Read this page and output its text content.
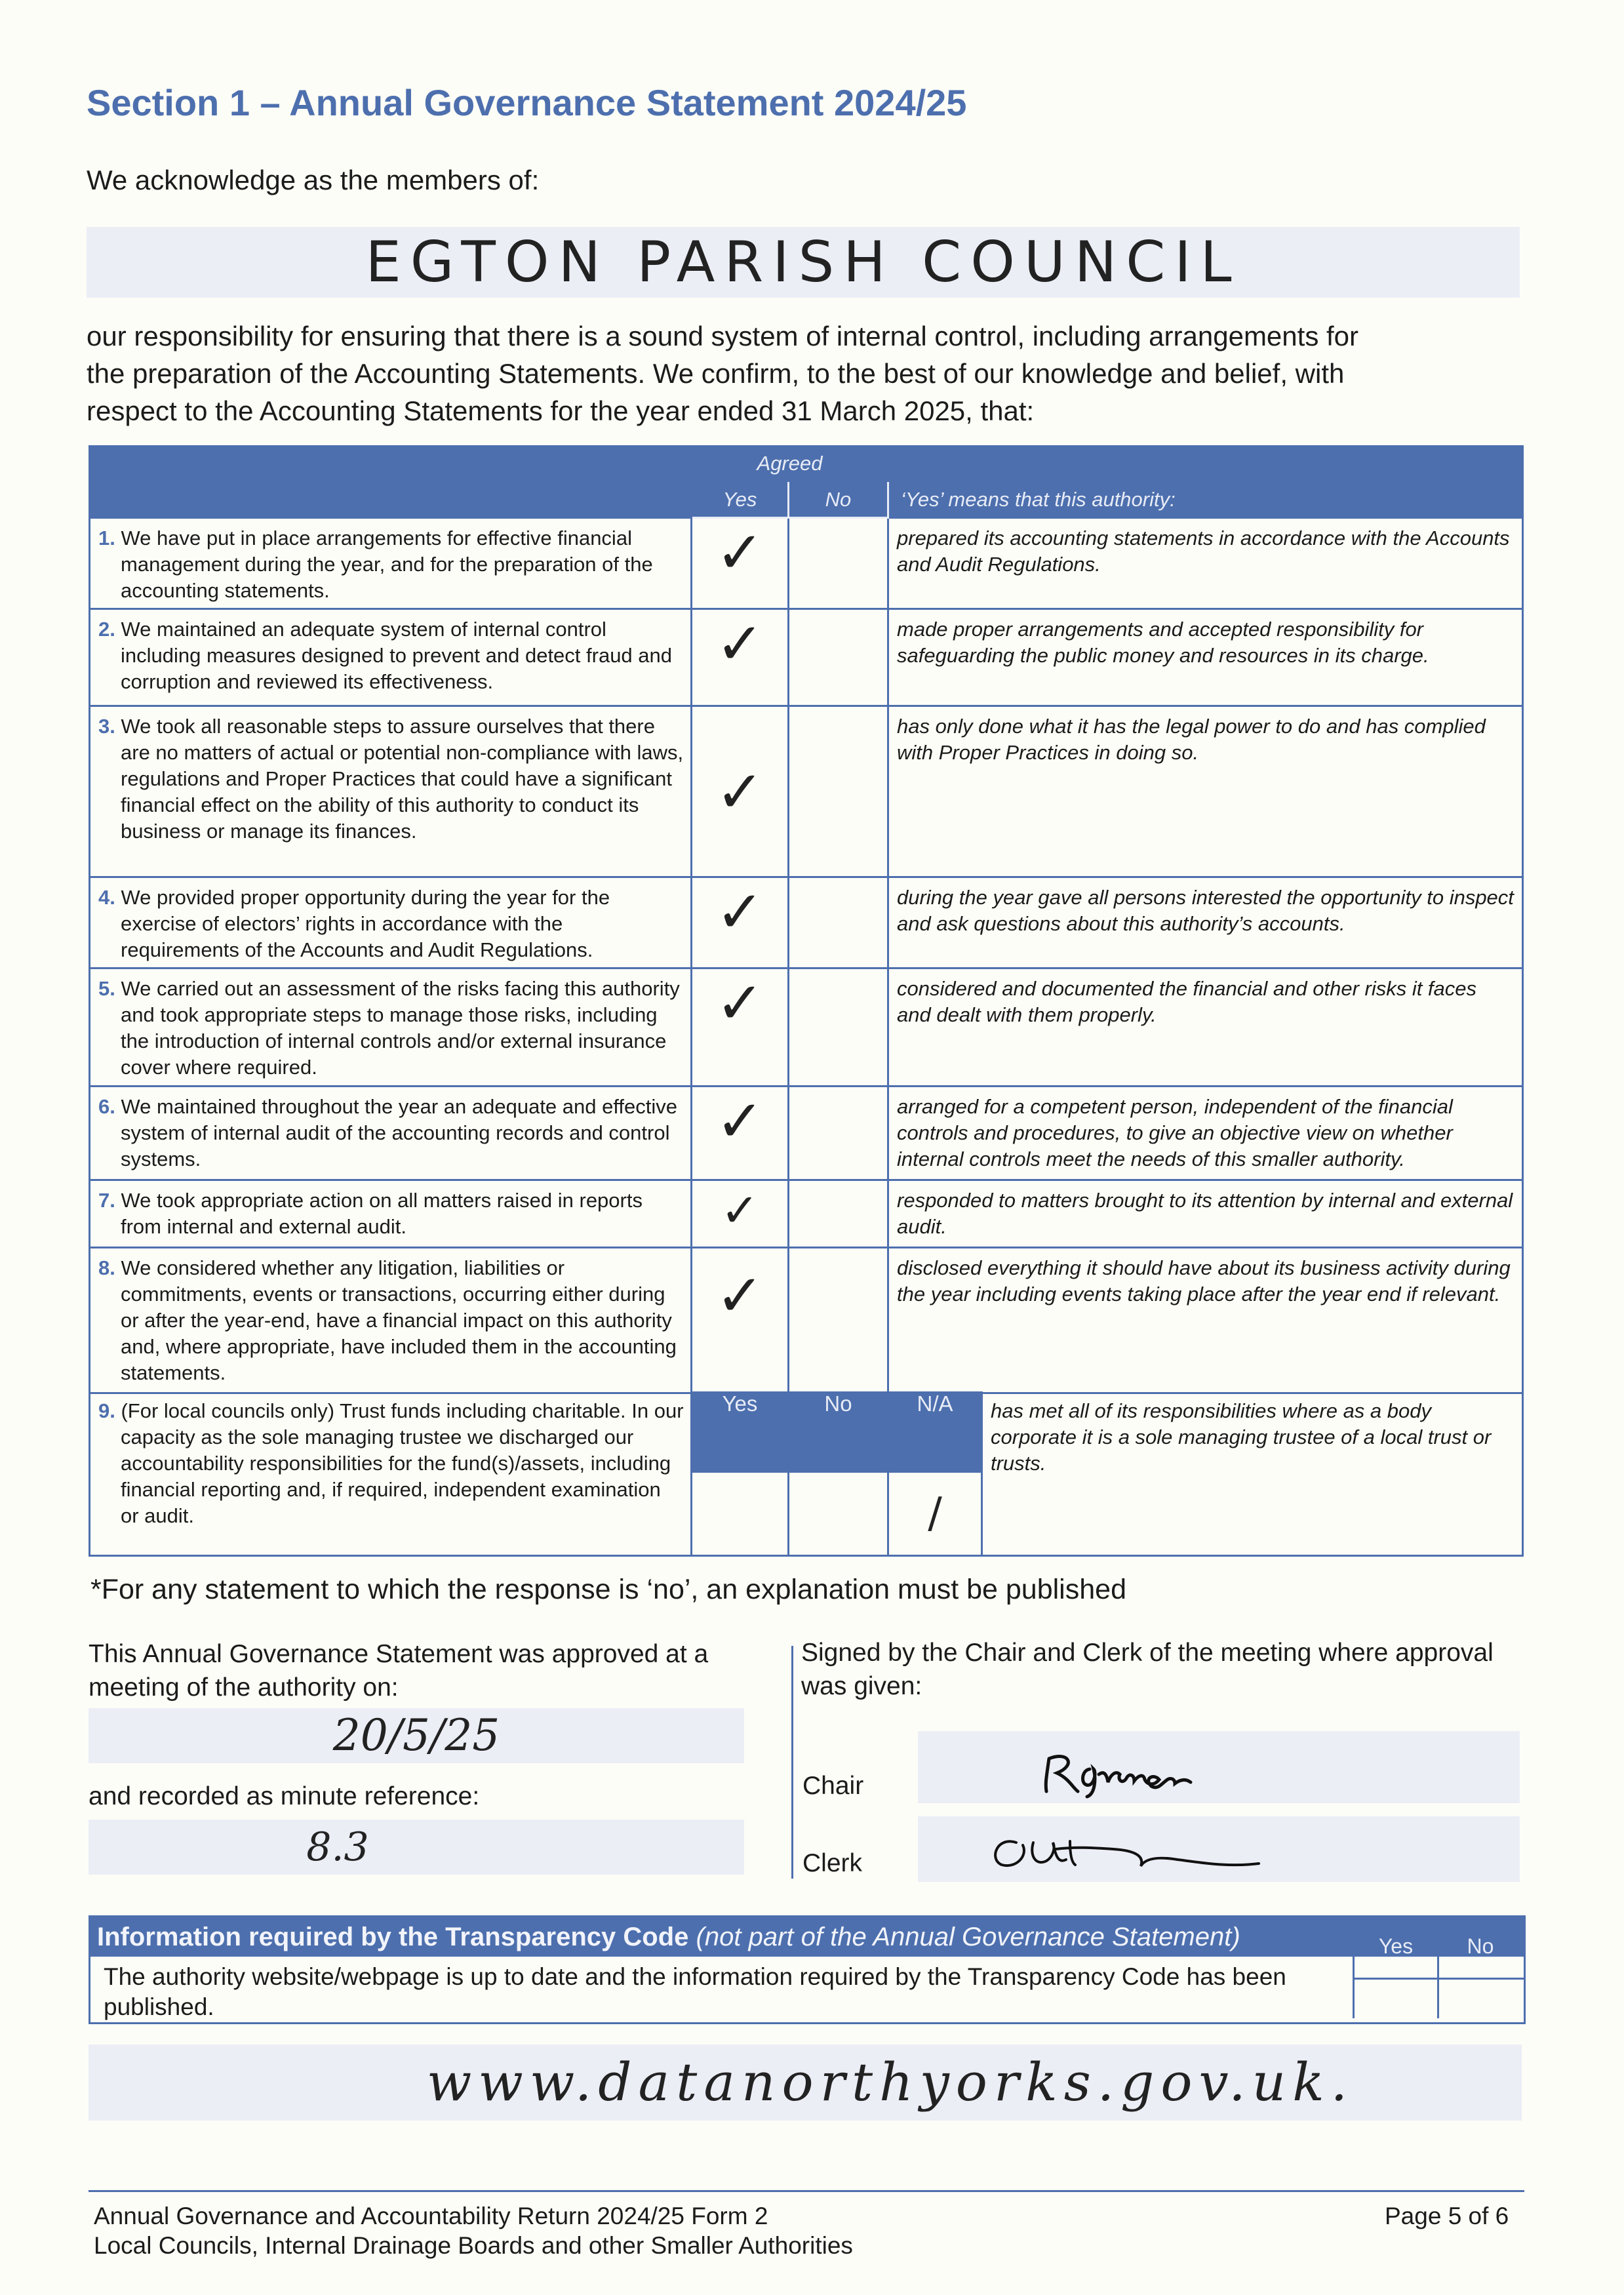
Section 1 – Annual Governance Statement 2024/25
We acknowledge as the members of:
EGTON PARISH COUNCIL
our responsibility for ensuring that there is a sound system of internal control, including arrangements for
the preparation of the Accounting Statements. We confirm, to the best of our knowledge and belief, with
respect to the Accounting Statements for the year ended 31 March 2025, that:
	Agreed		
	Yes	No	‘Yes’ means that this authority:

1. We have put in place arrangements for effective financial management during the year, and for the preparation of the accounting statements.	✓		prepared its accounting statements in accordance with the Accounts and Audit Regulations.

2. We maintained an adequate system of internal control including measures designed to prevent and detect fraud and corruption and reviewed its effectiveness.	✓		made proper arrangements and accepted responsibility for safeguarding the public money and resources in its charge.

3. We took all reasonable steps to assure ourselves that there are no matters of actual or potential non-compliance with laws, regulations and Proper Practices that could have a significant financial effect on the ability of this authority to conduct its business or manage its finances.	✓		has only done what it has the legal power to do and has complied with Proper Practices in doing so.

4. We provided proper opportunity during the year for the exercise of electors’ rights in accordance with the requirements of the Accounts and Audit Regulations.	✓		during the year gave all persons interested the opportunity to inspect and ask questions about this authority’s accounts.

5. We carried out an assessment of the risks facing this authority and took appropriate steps to manage those risks, including the introduction of internal controls and/or external insurance cover where required.	✓		considered and documented the financial and other risks it faces and dealt with them properly.

6. We maintained throughout the year an adequate and effective system of internal audit of the accounting records and control systems.	✓		arranged for a competent person, independent of the financial controls and procedures, to give an objective view on whether internal controls meet the needs of this smaller authority.

7. We took appropriate action on all matters raised in reports from internal and external audit.	✓		responded to matters brought to its attention by internal and external audit.

8. We considered whether any litigation, liabilities or commitments, events or transactions, occurring either during or after the year-end, have a financial impact on this authority and, where appropriate, have included them in the accounting statements.	✓		disclosed everything it should have about its business activity during the year including events taking place after the year end if relevant.
9. (For local councils only) Trust funds including charitable. In our capacity as the sole managing trustee we discharged our accountability responsibilities for the fund(s)/assets, including financial reporting and, if required, independent examination or audit.	Yes	No	N/A	has met all of its responsibilities where as a body corporate it is a sole managing trustee of a local trust or trusts.
			/	
*For any statement to which the response is ‘no’, an explanation must be published
This Annual Governance Statement was approved at a meeting of the authority on:
20/5/25
and recorded as minute reference:
8.3
Signed by the Chair and Clerk of the meeting where approval was given:
Chair
Clerk
Information required by the Transparency Code (not part of the Annual Governance Statement)
The authority website/webpage is up to date and the information required by the Transparency Code has been published.
Yes	No
www.datanorthyorks.gov.uk.
Annual Governance and Accountability Return 2024/25 Form 2
Local Councils, Internal Drainage Boards and other Smaller Authorities
Page 5 of 6
